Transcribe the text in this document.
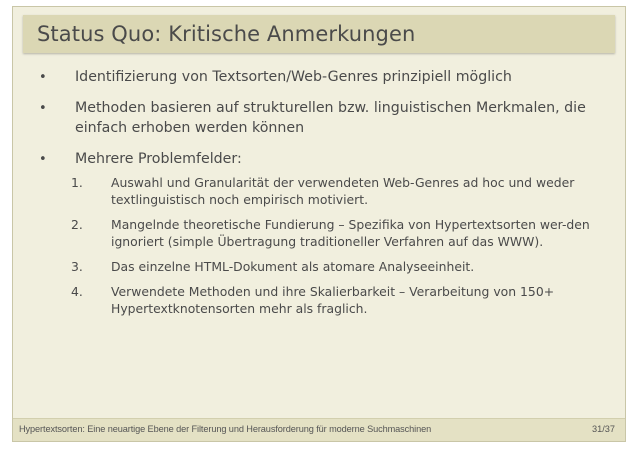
Status Quo: Kritische Anmerkungen
• Identifizierung von Textsorten/Web-Genres prinzipiell möglich
• Methoden basieren auf strukturellen bzw. linguistischen Merkmalen, die einfach erhoben werden können
• Mehrere Problemfelder:
1. Auswahl und Granularität der verwendeten Web-Genres ad hoc und weder textlinguistisch noch empirisch motiviert.
2. Mangelnde theoretische Fundierung – Spezifika von Hypertextsorten wer-den ignoriert (simple Übertragung traditioneller Verfahren auf das WWW).
3. Das einzelne HTML-Dokument als atomare Analyseeinheit.
4. Verwendete Methoden und ihre Skalierbarkeit – Verarbeitung von 150+ Hypertextknotensorten mehr als fraglich.
Hypertextsorten: Eine neuartige Ebene der Filterung und Herausforderung für moderne Suchmaschinen	31/37
